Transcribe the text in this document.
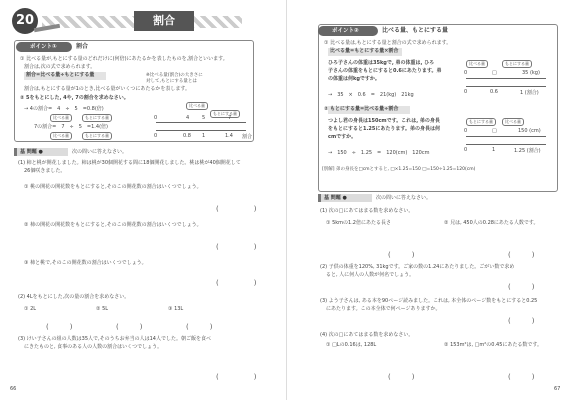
20	割合
ポイント①	割合
① 比べる量が,もとにする量のどれだけに(何倍)にあたるかを表したものを,割合といいます。
割合は,次の式で求められます。
割合=比べる量÷もとにする量	※比べる量(割合)の大きさに
対して,もとにする量とは
割合は,もとにする量が1のとき,比べる量がいくつにあたるかを表します。
② 5をもとにした, 4や, 7の割合を求めなさい。
→ 4の割合=　4　÷　5　=0.8(倍)
比べる量	もとにする量
7の割合=　7　÷　5　=1.4(倍)
比べる量	もとにする量
比べる量
もとにする量
0	4	5	7
0	0.8 1	1.4 割合
基 問題 ●	次の問いに答えなさい。
(1) 柿と桃が開花しました。柿は桃が30個開花する間に18個開花しました。桃は桃が40個開花して
26個咲きました。
① 桃の開花の開花数をもとにすると,そのこの開花数の割合はいくつでしょう。
(　　　　　)
② 柿の開花の開花数をもとにすると,そのこの開花数の割合はいくつでしょう。
(　　　　　)
③ 柿と桃で,そのこの開花数の割合はいくつでしょう。
(　　　　　)
(2) 4Lをもとにした,次の量の割合を求めなさい。
① 2L	② 5L	③ 13L
(　　　)	(　　　)	(　　　)
(3) けい子さんの組の人数は35人で,そのうちお弁当の人は14人でした。朝ご飯を食べ
にきたものと, 食事のある人の人数の割合はいくつでしょう。
(　　　　　)
66
ポイント②	比べる量、もとにする量
① 比べる量は,もとにする量と割合の式で求められます。
比べる量=もとにする量×割合
ひろ子さんの体重は35kgで, 弟の体重は, ひろ
子さんの体重をもとにすると0.6にあたります。弟
の体重は何kgですか。
→　35　×　0.6　=　21(kg)　21kg
比べる量	もとにする量
0	□	35 (kg)
0	0.6	1 (割合)
② もとにする量=比べる量÷割合
つよし君の身長は150cmです。これは, 弟の身長
をもとにすると1.25にあたります。弟の身長は何
cmですか。
→　150　÷　1.25　=　120(cm)　120cm
もとにする量	比べる量
0	□	150 (cm)
0	1	1.25 (割合)
[別解] 弟の身長を□cmとすると, □×1.25=150 □=150÷1.25=120(cm)
基 問題 ●	次の問いに答えなさい。
(1) 次の□にあてはまる数を求めなさい。
① 5kmの1.2倍にあたる長さ	② 兄は, 450人の0.28にあたる人数です。
(　　　)	(　　　)
(2) 子供の体重を120%, 31kgです。ご家の数の1.24にあたりました。ごがい数で求め
ると, 人に何人の人数が何名でしょう。
(　　　)
(3) よう子さんは, ある本を90ページ読みました。これは, 本全体のページ数をもとにすると0.25
にあたります。この本全体で何ページありますか。
(　　　)
(4) 次の□にあてはまる数を求めなさい。
① □Lの0.16は, 128L	② 153m²は, □m²の0.45にあたる数です。
(　　　)	(　　　)
67
